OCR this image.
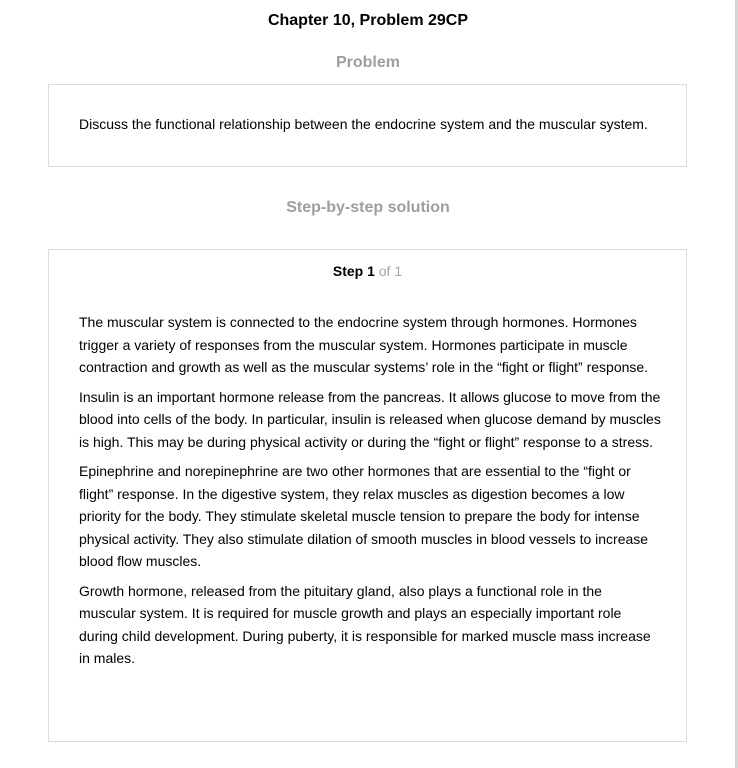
Chapter 10, Problem 29CP
Problem
Discuss the functional relationship between the endocrine system and the muscular system.
Step-by-step solution
Step 1 of 1

The muscular system is connected to the endocrine system through hormones. Hormones trigger a variety of responses from the muscular system. Hormones participate in muscle contraction and growth as well as the muscular systems’ role in the “fight or flight” response.

Insulin is an important hormone release from the pancreas. It allows glucose to move from the blood into cells of the body. In particular, insulin is released when glucose demand by muscles is high. This may be during physical activity or during the “fight or flight” response to a stress.

Epinephrine and norepinephrine are two other hormones that are essential to the “fight or flight” response. In the digestive system, they relax muscles as digestion becomes a low priority for the body. They stimulate skeletal muscle tension to prepare the body for intense physical activity. They also stimulate dilation of smooth muscles in blood vessels to increase blood flow muscles.

Growth hormone, released from the pituitary gland, also plays a functional role in the muscular system. It is required for muscle growth and plays an especially important role during child development. During puberty, it is responsible for marked muscle mass increase in males.
